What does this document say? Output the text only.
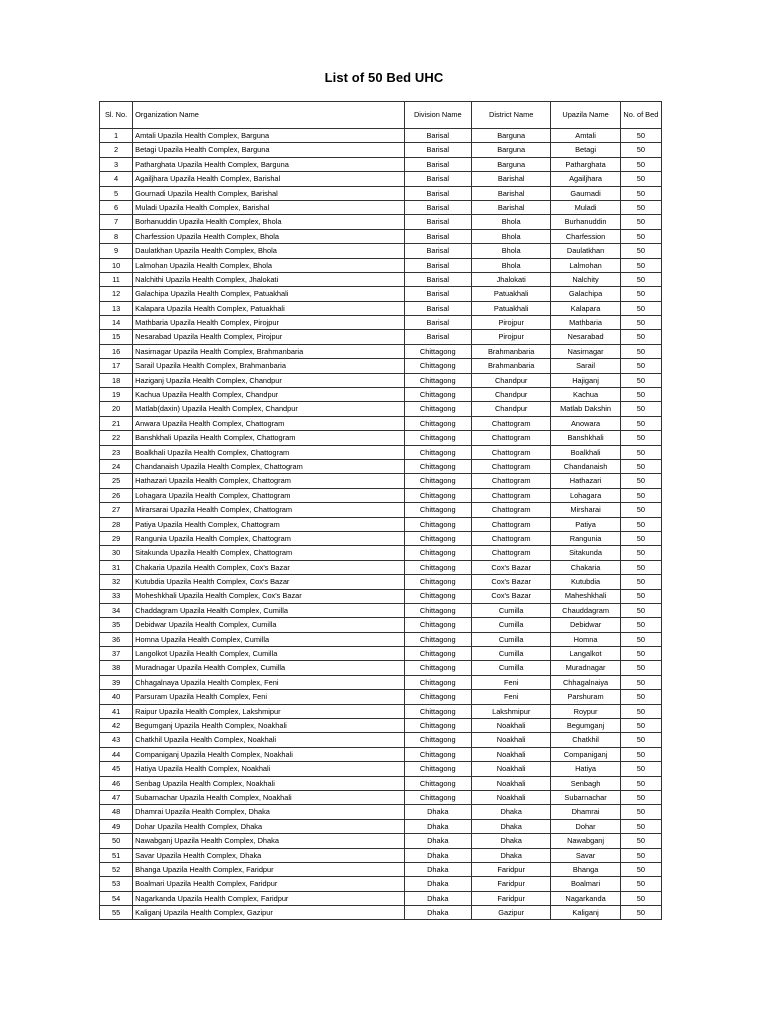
List of 50 Bed UHC
Sl. No.	Organization Name	Division Name	District Name	Upazila Name	No. of Bed
1	Amtali Upazila Health Complex, Barguna	Barisal	Barguna	Amtali	50
2	Betagi Upazila Health Complex, Barguna	Barisal	Barguna	Betagi	50
3	Patharghata Upazila Health Complex, Barguna	Barisal	Barguna	Patharghata	50
4	Agailjhara Upazila Health Complex, Barishal	Barisal	Barishal	Agailjhara	50
5	Gournadi Upazila Health Complex, Barishal	Barisal	Barishal	Gaurnadi	50
6	Muladi Upazila Health Complex, Barishal	Barisal	Barishal	Muladi	50
7	Borhanuddin Upazila Health Complex, Bhola	Barisal	Bhola	Burhanuddin	50
8	Charfession Upazila Health Complex, Bhola	Barisal	Bhola	Charfession	50
9	Daulatkhan Upazila Health Complex, Bhola	Barisal	Bhola	Daulatkhan	50
10	Lalmohan Upazila Health Complex, Bhola	Barisal	Bhola	Lalmohan	50
11	Nalchithi Upazila Health Complex, Jhalokati	Barisal	Jhalokati	Nalchity	50
12	Galachipa Upazila Health Complex, Patuakhali	Barisal	Patuakhali	Galachipa	50
13	Kalapara Upazila Health Complex, Patuakhali	Barisal	Patuakhali	Kalapara	50
14	Mathbaria Upazila Health Complex, Pirojpur	Barisal	Pirojpur	Mathbaria	50
15	Nesarabad Upazila Health Complex, Pirojpur	Barisal	Pirojpur	Nesarabad	50
16	Nasirnagar Upazila Health Complex, Brahmanbaria	Chittagong	Brahmanbaria	Nasirnagar	50
17	Sarail Upazila Health Complex, Brahmanbaria	Chittagong	Brahmanbaria	Sarail	50
18	Haziganj Upazila Health Complex, Chandpur	Chittagong	Chandpur	Hajiganj	50
19	Kachua Upazila Health Complex, Chandpur	Chittagong	Chandpur	Kachua	50
20	Matlab(daxin) Upazila Health Complex, Chandpur	Chittagong	Chandpur	Matlab Dakshin	50
21	Anwara Upazila Health Complex, Chattogram	Chittagong	Chattogram	Anowara	50
22	Banshkhali Upazila Health Complex, Chattogram	Chittagong	Chattogram	Banshkhali	50
23	Boalkhali Upazila Health Complex, Chattogram	Chittagong	Chattogram	Boalkhali	50
24	Chandanaish Upazila Health Complex, Chattogram	Chittagong	Chattogram	Chandanaish	50
25	Hathazari Upazila Health Complex, Chattogram	Chittagong	Chattogram	Hathazari	50
26	Lohagara Upazila Health Complex, Chattogram	Chittagong	Chattogram	Lohagara	50
27	Mirarsarai Upazila Health Complex, Chattogram	Chittagong	Chattogram	Mirsharai	50
28	Patiya Upazila Health Complex, Chattogram	Chittagong	Chattogram	Patiya	50
29	Rangunia Upazila Health Complex, Chattogram	Chittagong	Chattogram	Rangunia	50
30	Sitakunda Upazila Health Complex, Chattogram	Chittagong	Chattogram	Sitakunda	50
31	Chakaria Upazila Health Complex, Cox's Bazar	Chittagong	Cox's Bazar	Chakaria	50
32	Kutubdia Upazila Health Complex, Cox's Bazar	Chittagong	Cox's Bazar	Kutubdia	50
33	Moheshkhali Upazila Health Complex, Cox's Bazar	Chittagong	Cox's Bazar	Maheshkhali	50
34	Chaddagram Upazila Health Complex, Cumilla	Chittagong	Cumilla	Chauddagram	50
35	Debidwar Upazila Health Complex, Cumilla	Chittagong	Cumilla	Debidwar	50
36	Homna Upazila Health Complex, Cumilla	Chittagong	Cumilla	Homna	50
37	Langolkot Upazila Health Complex, Cumilla	Chittagong	Cumilla	Langalkot	50
38	Muradnagar Upazila Health Complex, Cumilla	Chittagong	Cumilla	Muradnagar	50
39	Chhagalnaya Upazila Health Complex, Feni	Chittagong	Feni	Chhagalnaiya	50
40	Parsuram Upazila Health Complex, Feni	Chittagong	Feni	Parshuram	50
41	Raipur Upazila Health Complex, Lakshmipur	Chittagong	Lakshmipur	Roypur	50
42	Begumganj Upazila Health Complex, Noakhali	Chittagong	Noakhali	Begumganj	50
43	Chatkhil Upazila Health Complex, Noakhali	Chittagong	Noakhali	Chatkhil	50
44	Companiganj Upazila Health Complex, Noakhali	Chittagong	Noakhali	Companiganj	50
45	Hatiya Upazila Health Complex, Noakhali	Chittagong	Noakhali	Hatiya	50
46	Senbag Upazila Health Complex, Noakhali	Chittagong	Noakhali	Senbagh	50
47	Subarnachar Upazila Health Complex, Noakhali	Chittagong	Noakhali	Subarnachar	50
48	Dhamrai Upazila Health Complex, Dhaka	Dhaka	Dhaka	Dhamrai	50
49	Dohar Upazila Health Complex, Dhaka	Dhaka	Dhaka	Dohar	50
50	Nawabganj Upazila Health Complex, Dhaka	Dhaka	Dhaka	Nawabganj	50
51	Savar Upazila Health Complex, Dhaka	Dhaka	Dhaka	Savar	50
52	Bhanga Upazila Health Complex, Faridpur	Dhaka	Faridpur	Bhanga	50
53	Boalmari Upazila Health Complex, Faridpur	Dhaka	Faridpur	Boalmari	50
54	Nagarkanda Upazila Health Complex, Faridpur	Dhaka	Faridpur	Nagarkanda	50
55	Kaliganj Upazila Health Complex, Gazipur	Dhaka	Gazipur	Kaliganj	50
